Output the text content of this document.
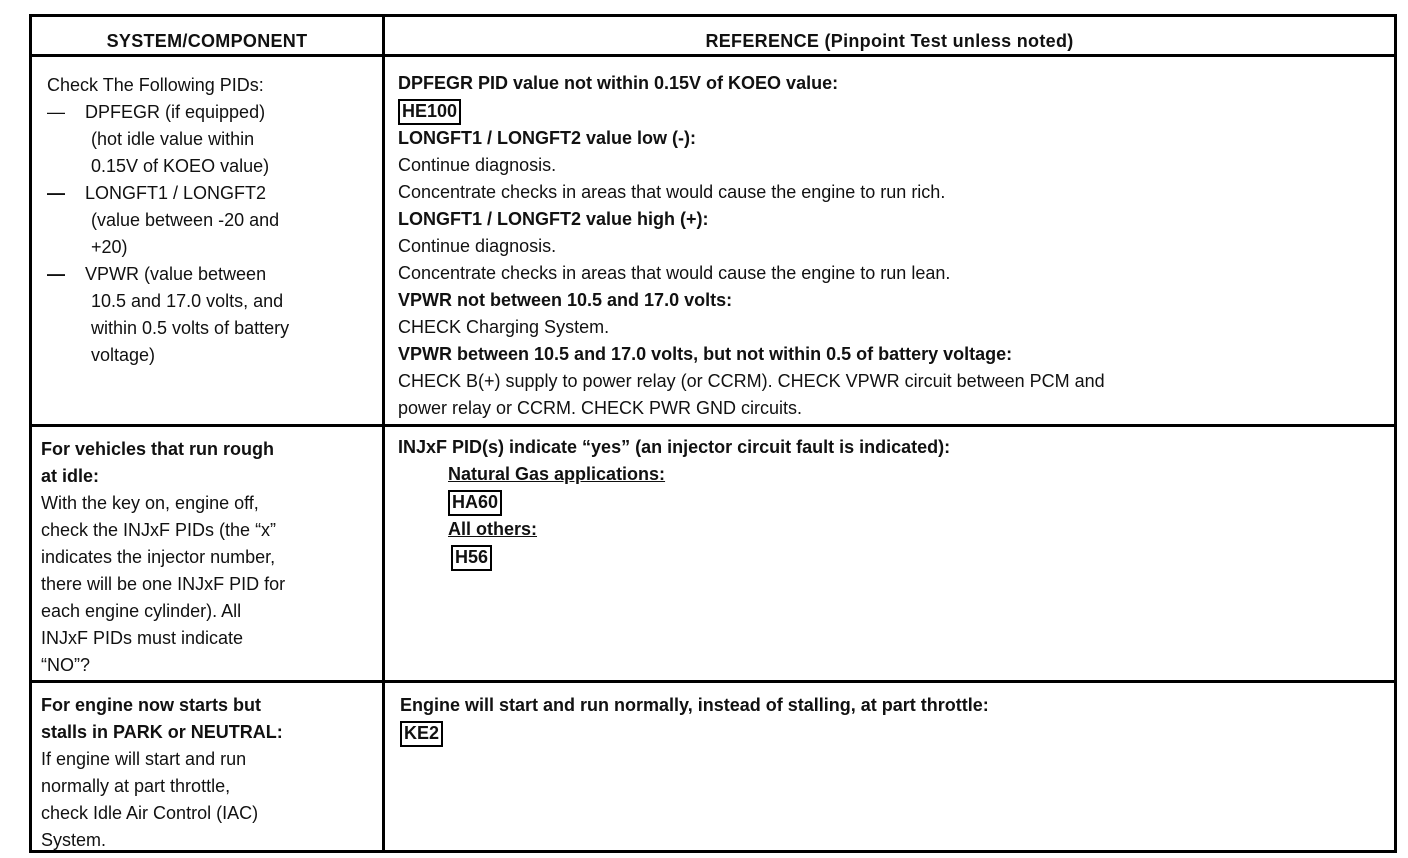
SYSTEM/COMPONENT	REFERENCE (Pinpoint Test unless noted)
Check The Following PIDs:
— DPFEGR (if equipped)
(hot idle value within
0.15V of KOEO value)
— LONGFT1 / LONGFT2
(value between -20 and
+20)
— VPWR (value between
10.5 and 17.0 volts, and
within 0.5 volts of battery
voltage)
DPFEGR PID value not within 0.15V of KOEO value:
HE100
LONGFT1 / LONGFT2 value low (-):
Continue diagnosis.
Concentrate checks in areas that would cause the engine to run rich.
LONGFT1 / LONGFT2 value high (+):
Continue diagnosis.
Concentrate checks in areas that would cause the engine to run lean.
VPWR not between 10.5 and 17.0 volts:
CHECK Charging System.
VPWR between 10.5 and 17.0 volts, but not within 0.5 of battery voltage:
CHECK B(+) supply to power relay (or CCRM). CHECK VPWR circuit between PCM and
power relay or CCRM. CHECK PWR GND circuits.
For vehicles that run rough
at idle:
With the key on, engine off,
check the INJxF PIDs (the “x”
indicates the injector number,
there will be one INJxF PID for
each engine cylinder). All
INJxF PIDs must indicate
“NO”?
INJxF PID(s) indicate “yes” (an injector circuit fault is indicated):
Natural Gas applications:
HA60
All others:
H56
For engine now starts but
stalls in PARK or NEUTRAL:
If engine will start and run
normally at part throttle,
check Idle Air Control (IAC)
System.
Engine will start and run normally, instead of stalling, at part throttle:
KE2
